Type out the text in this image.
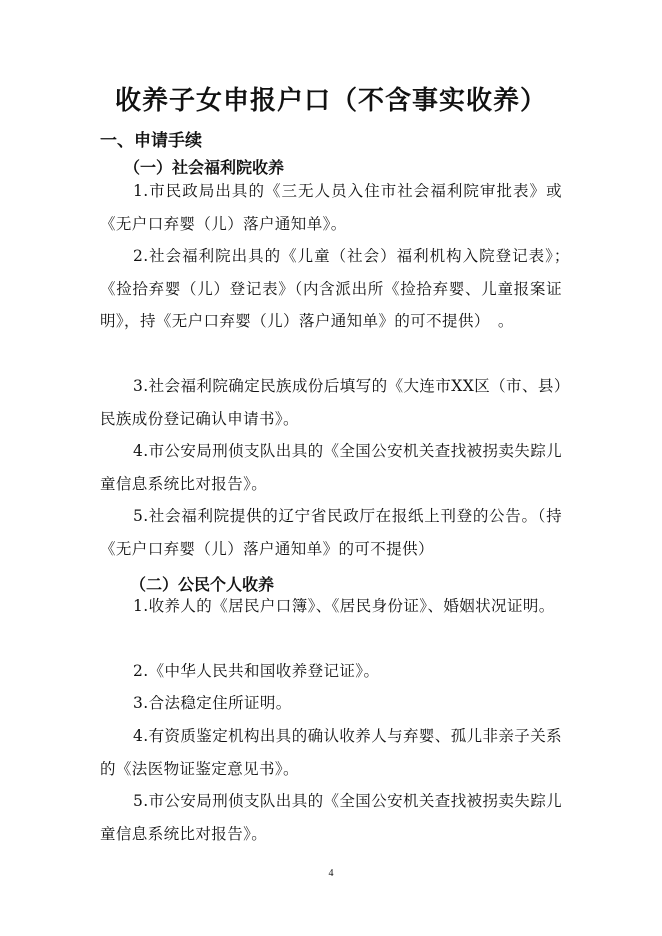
收养子女申报户口（不含事实收养）
一、申请手续
（一）社会福利院收养

1.市民政局出具的《三无人员入住市社会福利院审批表》或《无户口弃婴（儿）落户通知单》。

2.社会福利院出具的《儿童（社会）福利机构入院登记表》；　《捡拾弃婴（儿）登记表》（内含派出所《捡拾弃婴、儿童报案证明》，持《无户口弃婴（儿）落户通知单》的可不提供）　。

3.社会福利院确定民族成份后填写的《大连市XX区（市、县）民族成份登记确认申请书》。

4.市公安局刑侦支队出具的《全国公安机关查找被拐卖失踪儿童信息系统比对报告》。

5.社会福利院提供的辽宁省民政厅在报纸上刊登的公告。（持《无户口弃婴（儿）落户通知单》的可不提供）

（二）公民个人收养

1.收养人的《居民户口簿》、《居民身份证》、婚姻状况证明。

2.《中华人民共和国收养登记证》。

3.合法稳定住所证明。

4.有资质鉴定机构出具的确认收养人与弃婴、孤儿非亲子关系的《法医物证鉴定意见书》。

5.市公安局刑侦支队出具的《全国公安机关查找被拐卖失踪儿童信息系统比对报告》。

4
